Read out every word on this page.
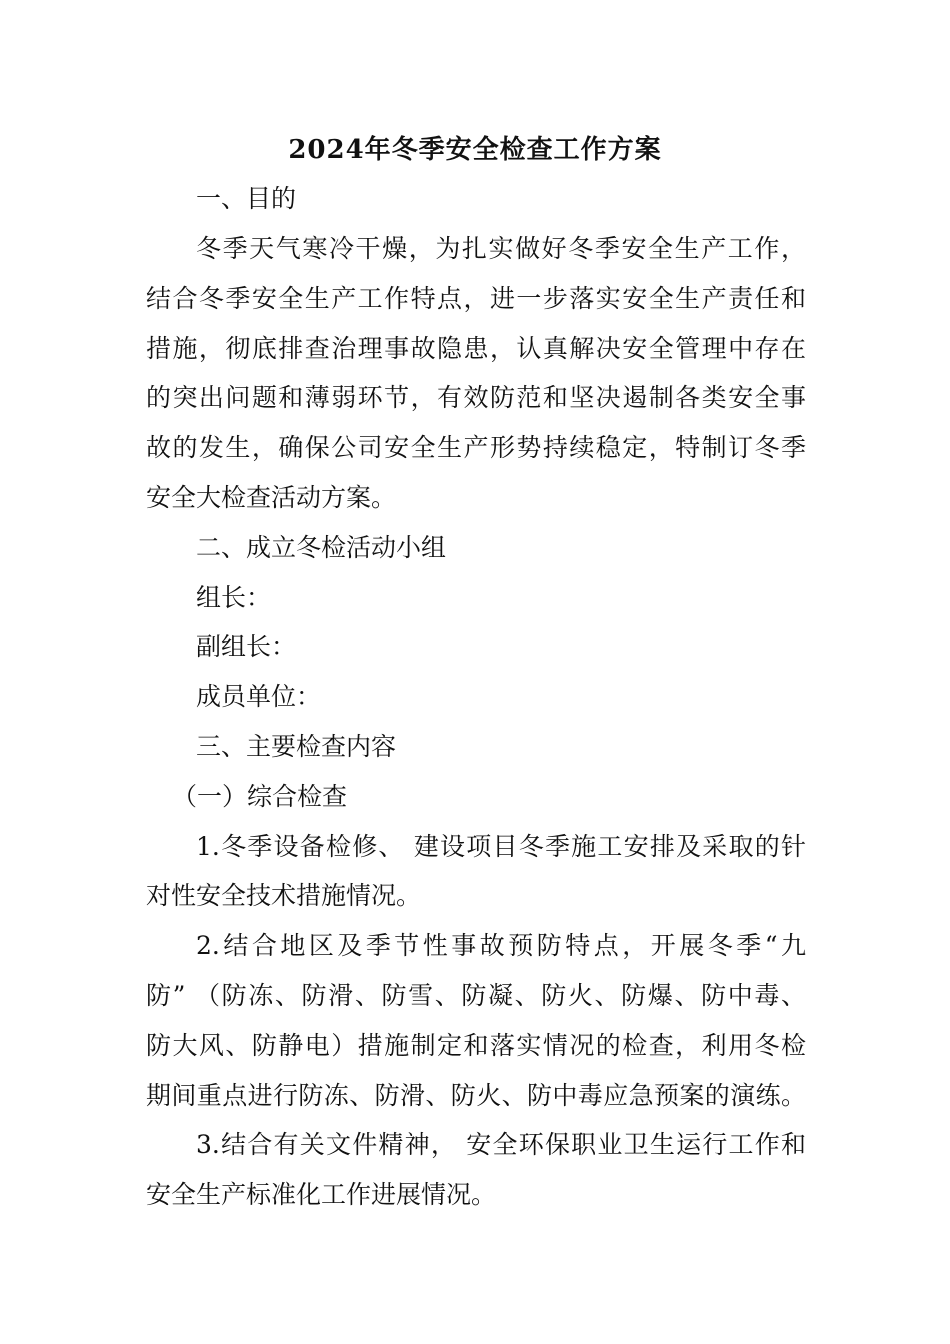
2024年冬季安全检查工作方案
一、目的
冬季天气寒冷干燥，为扎实做好冬季安全生产工作，
结合冬季安全生产工作特点，进一步落实安全生产责任和
措施，彻底排查治理事故隐患，认真解决安全管理中存在
的突出问题和薄弱环节，有效防范和坚决遏制各类安全事
故的发生，确保公司安全生产形势持续稳定，特制订冬季
安全大检查活动方案。
二、成立冬检活动小组
组长：
副组长：
成员单位：
三、主要检查内容
（一）综合检查
1.冬季设备检修、 建设项目冬季施工安排及采取的针
对性安全技术措施情况。
2.结合地区及季节性事故预防特点，开展冬季“九
防” （防冻、防滑、防雪、防凝、防火、防爆、防中毒、
防大风、防静电）措施制定和落实情况的检查，利用冬检
期间重点进行防冻、防滑、防火、防中毒应急预案的演练。
3.结合有关文件精神， 安全环保职业卫生运行工作和
安全生产标准化工作进展情况。
